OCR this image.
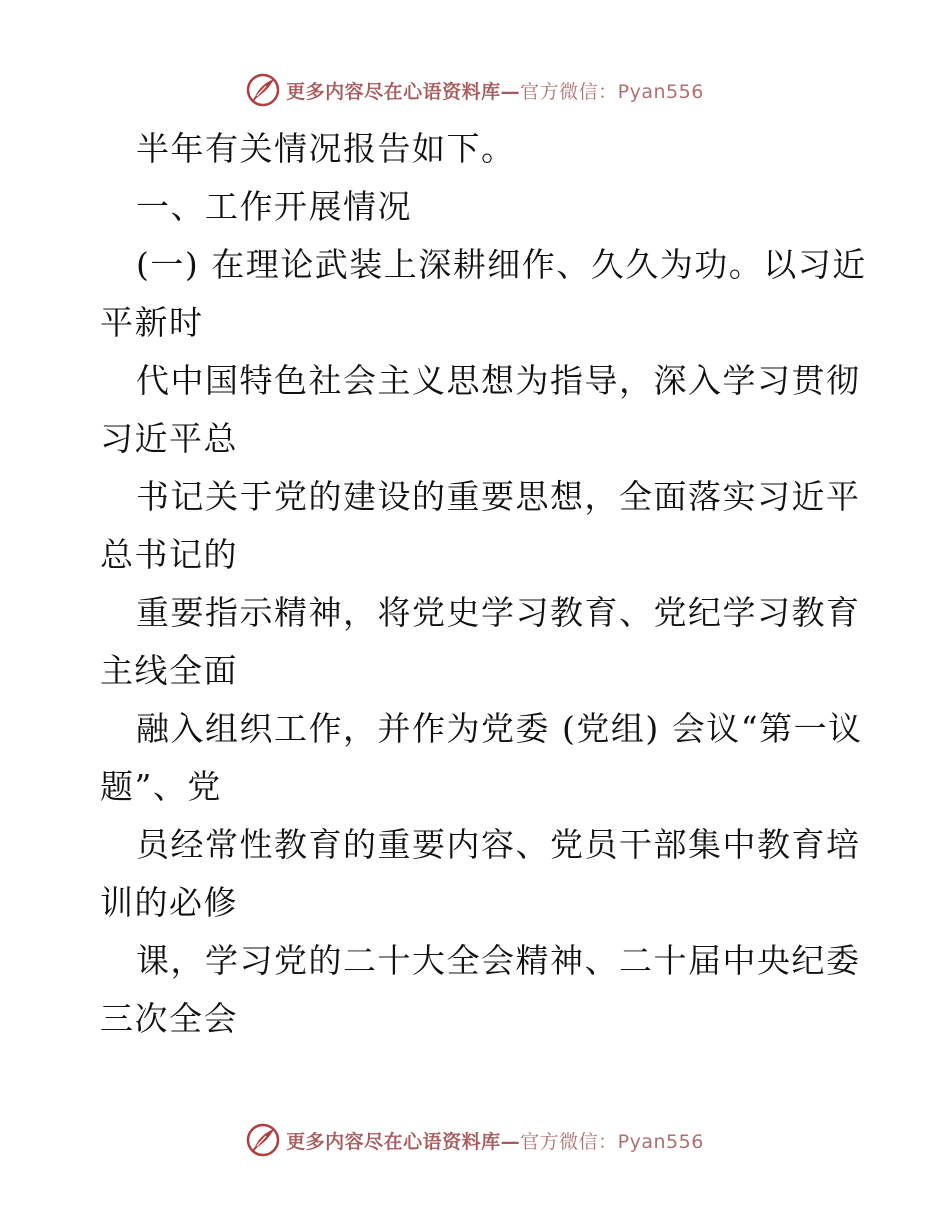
更多内容尽在心语资料库—官方微信：Pyan556
半年有关情况报告如下。
一、工作开展情况
(一) 在理论武装上深耕细作、久久为功。以习近
平新时
代中国特色社会主义思想为指导，深入学习贯彻
习近平总
书记关于党的建设的重要思想，全面落实习近平
总书记的
重要指示精神，将党史学习教育、党纪学习教育
主线全面
融入组织工作，并作为党委 (党组) 会议“第一议
题”、党
员经常性教育的重要内容、党员干部集中教育培
训的必修
课，学习党的二十大全会精神、二十届中央纪委
三次全会
更多内容尽在心语资料库—官方微信：Pyan556
